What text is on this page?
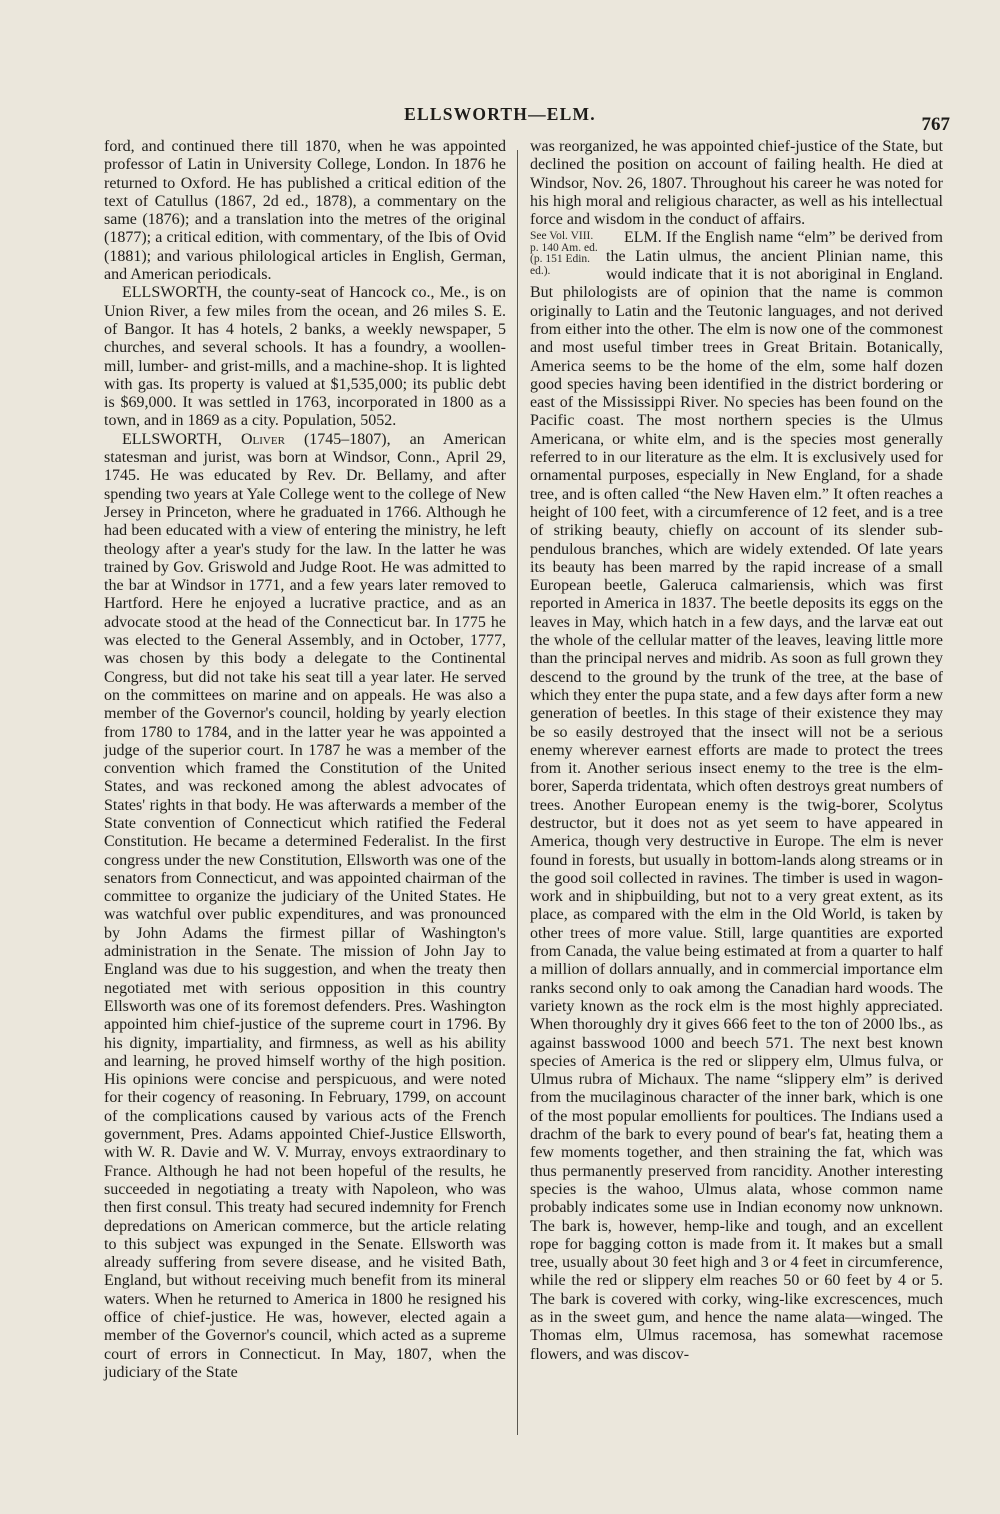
ELLSWORTH—ELM.	767

ford, and continued there till 1870, when he was appointed professor of Latin in University College, London. In 1876 he returned to Oxford. He has published a critical edition of the text of Catullus (1867, 2d ed., 1878), a commentary on the same (1876); and a translation into the metres of the original (1877); a critical edition, with commentary, of the Ibis of Ovid (1881); and various philological articles in English, German, and American periodicals.

ELLSWORTH, the county-seat of Hancock co., Me., is on Union River, a few miles from the ocean, and 26 miles S. E. of Bangor. It has 4 hotels, 2 banks, a weekly newspaper, 5 churches, and several schools. It has a foundry, a woollen-mill, lumber- and grist-mills, and a machine-shop. It is lighted with gas. Its property is valued at $1,535,000; its public debt is $69,000. It was settled in 1763, incorporated in 1800 as a town, and in 1869 as a city. Population, 5052.

ELLSWORTH, Oliver (1745–1807), an American statesman and jurist, was born at Windsor, Conn., April 29, 1745. He was educated by Rev. Dr. Bellamy, and after spending two years at Yale College went to the college of New Jersey in Princeton, where he graduated in 1766. Although he had been educated with a view of entering the ministry, he left theology after a year's study for the law. In the latter he was trained by Gov. Griswold and Judge Root. He was admitted to the bar at Windsor in 1771, and a few years later removed to Hartford. Here he enjoyed a lucrative practice, and as an advocate stood at the head of the Connecticut bar. In 1775 he was elected to the General Assembly, and in October, 1777, was chosen by this body a delegate to the Continental Congress, but did not take his seat till a year later. He served on the committees on marine and on appeals. He was also a member of the Governor's council, holding by yearly election from 1780 to 1784, and in the latter year he was appointed a judge of the superior court. In 1787 he was a member of the convention which framed the Constitution of the United States, and was reckoned among the ablest advocates of States' rights in that body. He was afterwards a member of the State convention of Connecticut which ratified the Federal Constitution. He became a determined Federalist. In the first congress under the new Constitution, Ellsworth was one of the senators from Connecticut, and was appointed chairman of the committee to organize the judiciary of the United States. He was watchful over public expenditures, and was pronounced by John Adams the firmest pillar of Washington's administration in the Senate. The mission of John Jay to England was due to his suggestion, and when the treaty then negotiated met with serious opposition in this country Ellsworth was one of its foremost defenders. Pres. Washington appointed him chief-justice of the supreme court in 1796. By his dignity, impartiality, and firmness, as well as his ability and learning, he proved himself worthy of the high position. His opinions were concise and perspicuous, and were noted for their cogency of reasoning. In February, 1799, on account of the complications caused by various acts of the French government, Pres. Adams appointed Chief-Justice Ellsworth, with W. R. Davie and W. V. Murray, envoys extraordinary to France. Although he had not been hopeful of the results, he succeeded in negotiating a treaty with Napoleon, who was then first consul. This treaty had secured indemnity for French depredations on American commerce, but the article relating to this subject was expunged in the Senate. Ellsworth was already suffering from severe disease, and he visited Bath, England, but without receiving much benefit from its mineral waters. When he returned to America in 1800 he resigned his office of chief-justice. He was, however, elected again a member of the Governor's council, which acted as a supreme court of errors in Connecticut. In May, 1807, when the judiciary of the State

was reorganized, he was appointed chief-justice of the State, but declined the position on account of failing health. He died at Windsor, Nov. 26, 1807. Throughout his career he was noted for his high moral and religious character, as well as his intellectual force and wisdom in the conduct of affairs.

See Vol. VIII. p. 140 Am. ed. (p. 151 Edin. ed.).

ELM. If the English name “elm” be derived from the Latin ulmus, the ancient Plinian name, this would indicate that it is not aboriginal in England. But philologists are of opinion that the name is common originally to Latin and the Teutonic languages, and not derived from either into the other. The elm is now one of the commonest and most useful timber trees in Great Britain. Botanically, America seems to be the home of the elm, some half dozen good species having been identified in the district bordering or east of the Mississippi River. No species has been found on the Pacific coast. The most northern species is the Ulmus Americana, or white elm, and is the species most generally referred to in our literature as the elm. It is exclusively used for ornamental purposes, especially in New England, for a shade tree, and is often called “the New Haven elm.” It often reaches a height of 100 feet, with a circumference of 12 feet, and is a tree of striking beauty, chiefly on account of its slender sub-pendulous branches, which are widely extended. Of late years its beauty has been marred by the rapid increase of a small European beetle, Galeruca calmariensis, which was first reported in America in 1837. The beetle deposits its eggs on the leaves in May, which hatch in a few days, and the larvæ eat out the whole of the cellular matter of the leaves, leaving little more than the principal nerves and midrib. As soon as full grown they descend to the ground by the trunk of the tree, at the base of which they enter the pupa state, and a few days after form a new generation of beetles. In this stage of their existence they may be so easily destroyed that the insect will not be a serious enemy wherever earnest efforts are made to protect the trees from it. Another serious insect enemy to the tree is the elm-borer, Saperda tridentata, which often destroys great numbers of trees. Another European enemy is the twig-borer, Scolytus destructor, but it does not as yet seem to have appeared in America, though very destructive in Europe. The elm is never found in forests, but usually in bottom-lands along streams or in the good soil collected in ravines. The timber is used in wagon-work and in shipbuilding, but not to a very great extent, as its place, as compared with the elm in the Old World, is taken by other trees of more value. Still, large quantities are exported from Canada, the value being estimated at from a quarter to half a million of dollars annually, and in commercial importance elm ranks second only to oak among the Canadian hard woods. The variety known as the rock elm is the most highly appreciated. When thoroughly dry it gives 666 feet to the ton of 2000 lbs., as against basswood 1000 and beech 571. The next best known species of America is the red or slippery elm, Ulmus fulva, or Ulmus rubra of Michaux. The name “slippery elm” is derived from the mucilaginous character of the inner bark, which is one of the most popular emollients for poultices. The Indians used a drachm of the bark to every pound of bear's fat, heating them a few moments together, and then straining the fat, which was thus permanently preserved from rancidity. Another interesting species is the wahoo, Ulmus alata, whose common name probably indicates some use in Indian economy now unknown. The bark is, however, hemp-like and tough, and an excellent rope for bagging cotton is made from it. It makes but a small tree, usually about 30 feet high and 3 or 4 feet in circumference, while the red or slippery elm reaches 50 or 60 feet by 4 or 5. The bark is covered with corky, wing-like excrescences, much as in the sweet gum, and hence the name alata—winged. The Thomas elm, Ulmus racemosa, has somewhat racemose flowers, and was discov-
